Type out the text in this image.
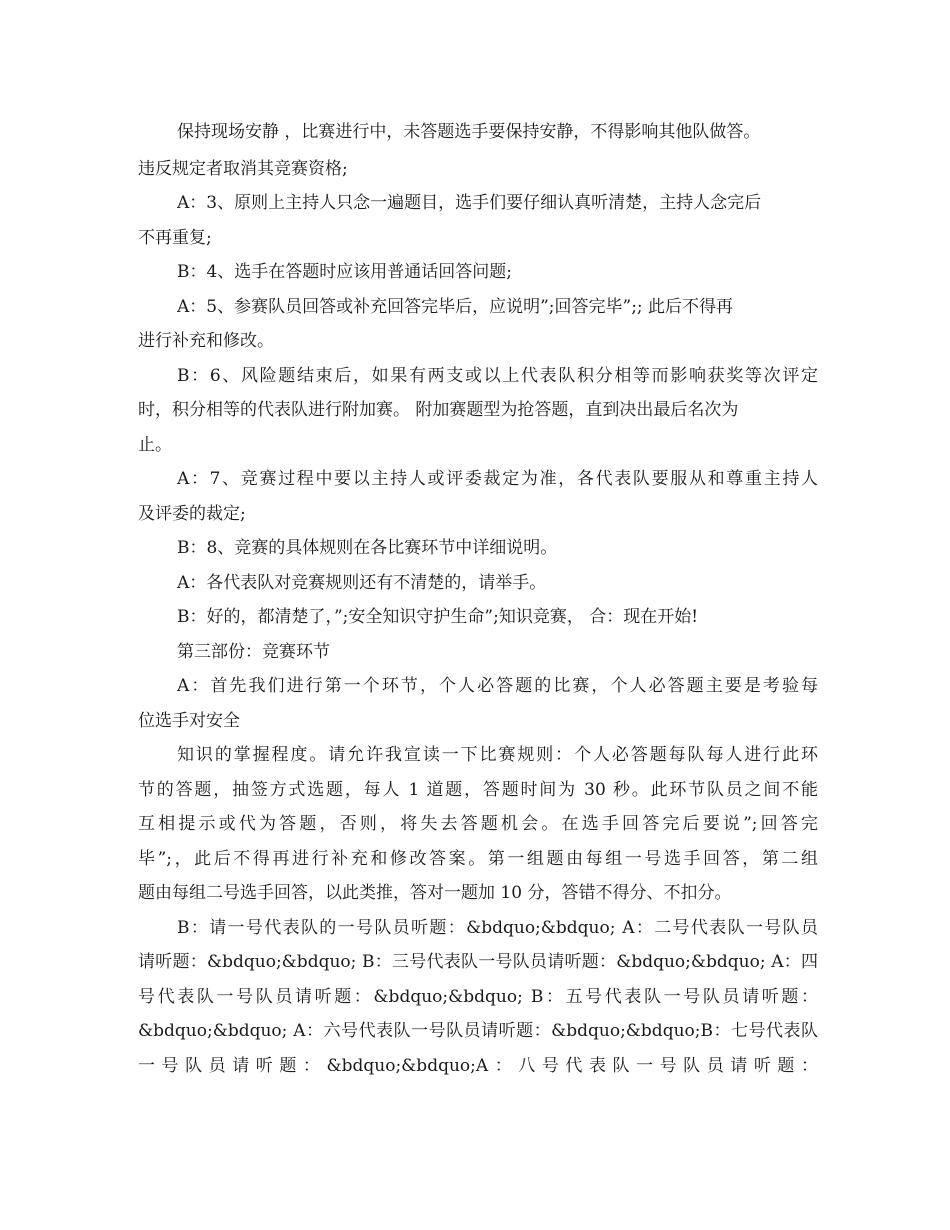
保持现场安静 ，比赛进行中，未答题选手要保持安静，不得影响其他队做答。
违反规定者取消其竞赛资格;
A：3、原则上主持人只念一遍题目，选手们要仔细认真听清楚，主持人念完后
不再重复;
B：4、选手在答题时应该用普通话回答问题;
A：5、参赛队员回答或补充回答完毕后，应说明”;回答完毕”;; 此后不得再
进行补充和修改。
B：6、风险题结束后，如果有两支或以上代表队积分相等而影响获奖等次评定
时，积分相等的代表队进行附加赛。 附加赛题型为抢答题，直到决出最后名次为
止。
A：7、竞赛过程中要以主持人或评委裁定为准，各代表队要服从和尊重主持人
及评委的裁定;
B：8、竞赛的具体规则在各比赛环节中详细说明。
A：各代表队对竞赛规则还有不清楚的，请举手。
B：好的，都清楚了，”;安全知识守护生命”;知识竞赛， 合：现在开始!
第三部份：竞赛环节
A：首先我们进行第一个环节，个人必答题的比赛，个人必答题主要是考验每
位选手对安全
知识的掌握程度。请允许我宣读一下比赛规则：个人必答题每队每人进行此环
节的答题，抽签方式选题，每人 1 道题，答题时间为 30 秒。此环节队员之间不能
互相提示或代为答题，否则，将失去答题机会。在选手回答完后要说”;回答完
毕”;，此后不得再进行补充和修改答案。第一组题由每组一号选手回答，第二组
题由每组二号选手回答，以此类推，答对一题加 10 分，答错不得分、不扣分。
B：请一号代表队的一号队员听题：&bdquo;&bdquo; A：二号代表队一号队员
请听题：&bdquo;&bdquo; B：三号代表队一号队员请听题：&bdquo;&bdquo; A：四
号代表队一号队员请听题：&bdquo;&bdquo; B：五号代表队一号队员请听题：
&bdquo;&bdquo; A：六号代表队一号队员请听题：&bdquo;&bdquo;B：七号代表队
一号队员请听题：&bdquo;&bdquo;A：八号代表队一号队员请听题：
